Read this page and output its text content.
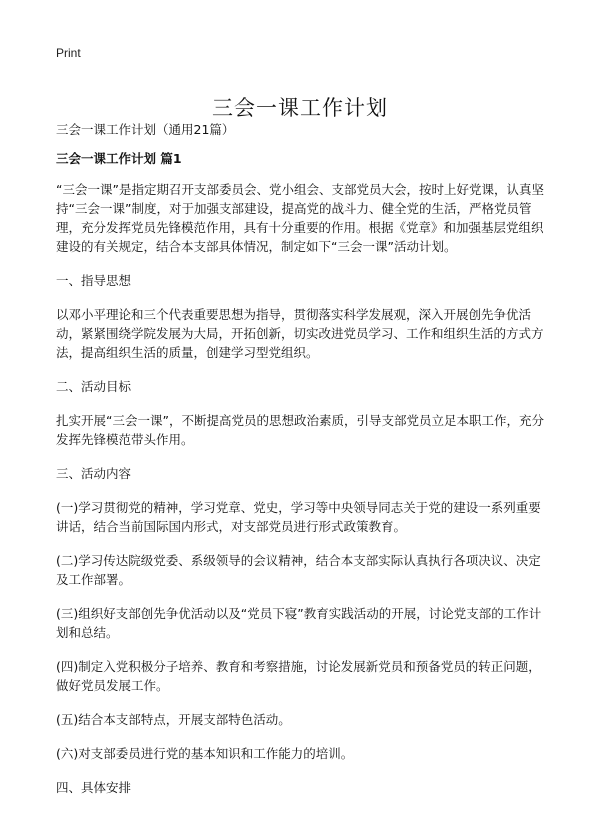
Print
三会一课工作计划

三会一课工作计划（通用21篇）

三会一课工作计划 篇1

“三会一课”是指定期召开支部委员会、党小组会、支部党员大会，按时上好党课，认真坚持“三会一课”制度，对于加强支部建设，提高党的战斗力、健全党的生活，严格党员管理，充分发挥党员先锋模范作用，具有十分重要的作用。根据《党章》和加强基层党组织建设的有关规定，结合本支部具体情况，制定如下“三会一课”活动计划。

一、指导思想

以邓小平理论和三个代表重要思想为指导，贯彻落实科学发展观，深入开展创先争优活动，紧紧围绕学院发展为大局，开拓创新，切实改进党员学习、工作和组织生活的方式方法，提高组织生活的质量，创建学习型党组织。

二、活动目标

扎实开展“三会一课”，不断提高党员的思想政治素质，引导支部党员立足本职工作，充分发挥先锋模范带头作用。

三、活动内容

(一)学习贯彻党的精神，学习党章、党史，学习等中央领导同志关于党的建设一系列重要讲话，结合当前国际国内形式，对支部党员进行形式政策教育。

(二)学习传达院级党委、系级领导的会议精神，结合本支部实际认真执行各项决议、决定及工作部署。

(三)组织好支部创先争优活动以及“党员下寝”教育实践活动的开展，讨论党支部的工作计划和总结。

(四)制定入党积极分子培养、教育和考察措施，讨论发展新党员和预备党员的转正问题，做好党员发展工作。

(五)结合本支部特点，开展支部特色活动。

(六)对支部委员进行党的基本知识和工作能力的培训。

四、具体安排
